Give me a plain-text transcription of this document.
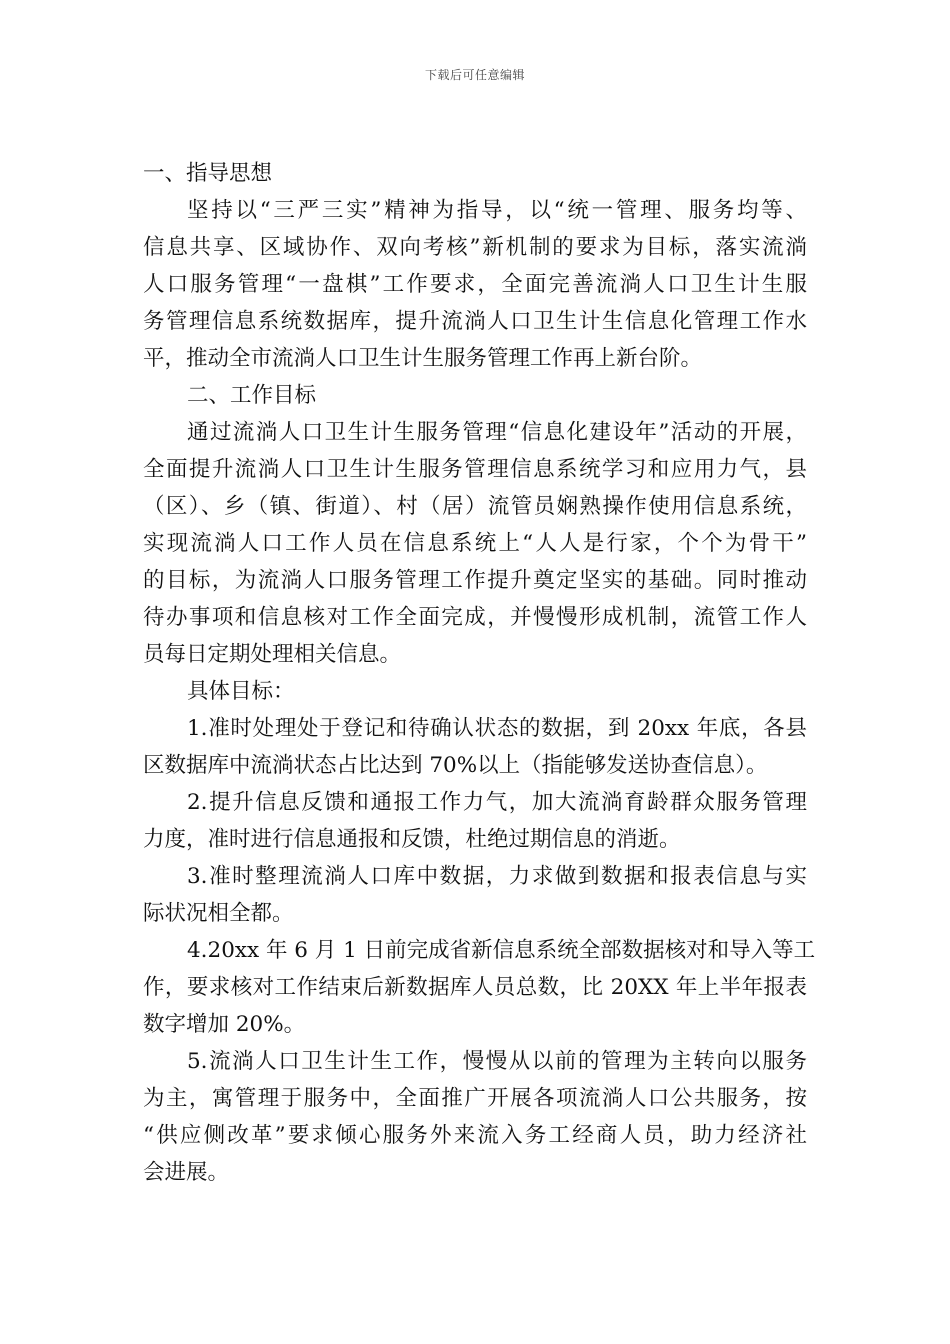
下载后可任意编辑
一、指导思想
坚持以“三严三实”精神为指导，以“统一管理、服务均等、
信息共享、区域协作、双向考核”新机制的要求为目标，落实流淌
人口服务管理“一盘棋”工作要求，全面完善流淌人口卫生计生服
务管理信息系统数据库，提升流淌人口卫生计生信息化管理工作水
平，推动全市流淌人口卫生计生服务管理工作再上新台阶。
二、工作目标
通过流淌人口卫生计生服务管理“信息化建设年”活动的开展，
全面提升流淌人口卫生计生服务管理信息系统学习和应用力气，县
（区）、乡（镇、街道）、村（居）流管员娴熟操作使用信息系统，
实现流淌人口工作人员在信息系统上“人人是行家，个个为骨干”
的目标，为流淌人口服务管理工作提升奠定坚实的基础。同时推动
待办事项和信息核对工作全面完成，并慢慢形成机制，流管工作人
员每日定期处理相关信息。
具体目标：
1.准时处理处于登记和待确认状态的数据，到 20xx 年底，各县
区数据库中流淌状态占比达到 70%以上（指能够发送协查信息）。
2.提升信息反馈和通报工作力气，加大流淌育龄群众服务管理
力度，准时进行信息通报和反馈，杜绝过期信息的消逝。
3.准时整理流淌人口库中数据，力求做到数据和报表信息与实
际状况相全都。
4.20xx 年 6 月 1 日前完成省新信息系统全部数据核对和导入等工
作，要求核对工作结束后新数据库人员总数，比 20XX 年上半年报表
数字增加 20%。
5.流淌人口卫生计生工作，慢慢从以前的管理为主转向以服务
为主，寓管理于服务中，全面推广开展各项流淌人口公共服务，按
“供应侧改革”要求倾心服务外来流入务工经商人员，助力经济社
会进展。
